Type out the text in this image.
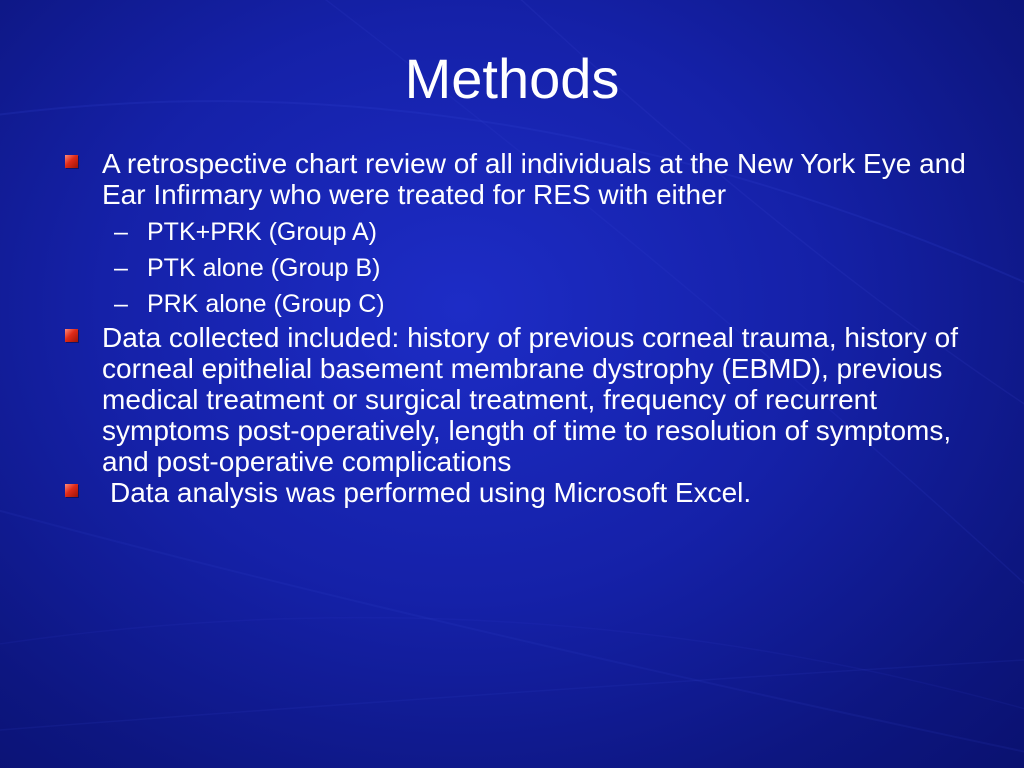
Methods
A retrospective chart review of all individuals at the New York Eye and Ear Infirmary who were treated for RES with either
– PTK+PRK (Group A)
– PTK alone (Group B)
– PRK alone (Group C)
Data collected included: history of previous corneal trauma, history of corneal epithelial basement membrane dystrophy (EBMD), previous medical treatment or surgical treatment, frequency of recurrent symptoms post-operatively, length of time to resolution of symptoms, and post-operative complications
Data analysis was performed using Microsoft Excel.
